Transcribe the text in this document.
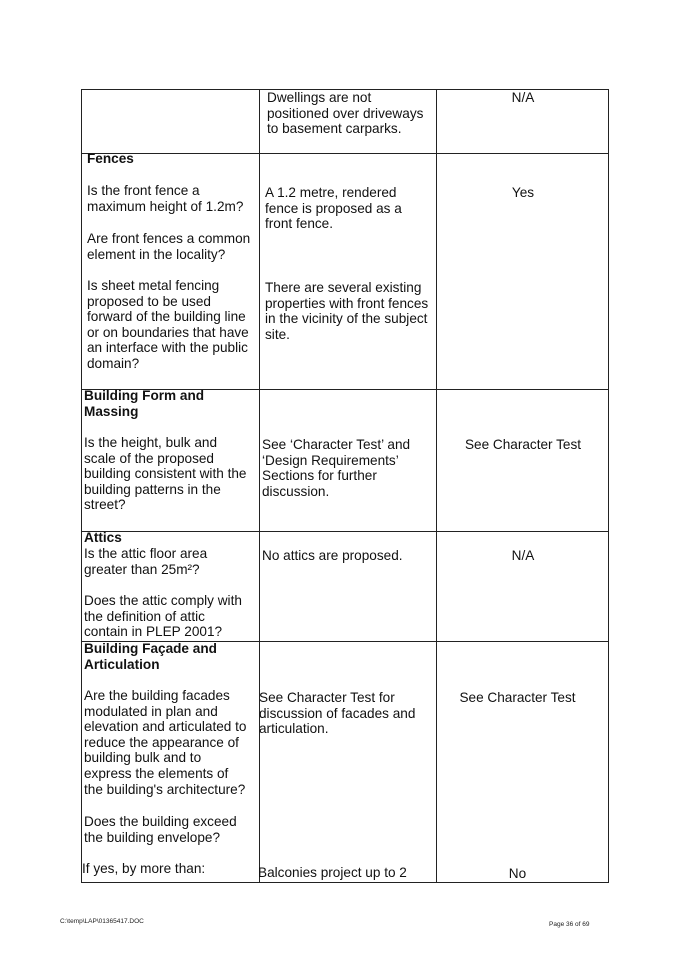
Dwellings are not
positioned over driveways
to basement carparks.
N/A
Fences
Is the front fence a
maximum height of 1.2m?
Are front fences a common
element in the locality?
Is sheet metal fencing
proposed to be used
forward of the building line
or on boundaries that have
an interface with the public
domain?
A 1.2 metre, rendered
fence is proposed as a
front fence.
There are several existing
properties with front fences
in the vicinity of the subject
site.
Yes
Building Form and
Massing
Is the height, bulk and
scale of the proposed
building consistent with the
building patterns in the
street?
See ‘Character Test’ and
‘Design Requirements’
Sections for further
discussion.
See Character Test
Attics
Is the attic floor area
greater than 25m²?
Does the attic comply with
the definition of attic
contain in PLEP 2001?
No attics are proposed.	N/A
Building Façade and
Articulation
Are the building facades
modulated in plan and
elevation and articulated to
reduce the appearance of
building bulk and to
express the elements of
the building's architecture?
Does the building exceed
the building envelope?
If yes, by more than:
See Character Test for
discussion of facades and
articulation.
Balconies project up to 2
See Character Test
No
C:\temp\LAP\01365417.DOC	Page 36 of 69
